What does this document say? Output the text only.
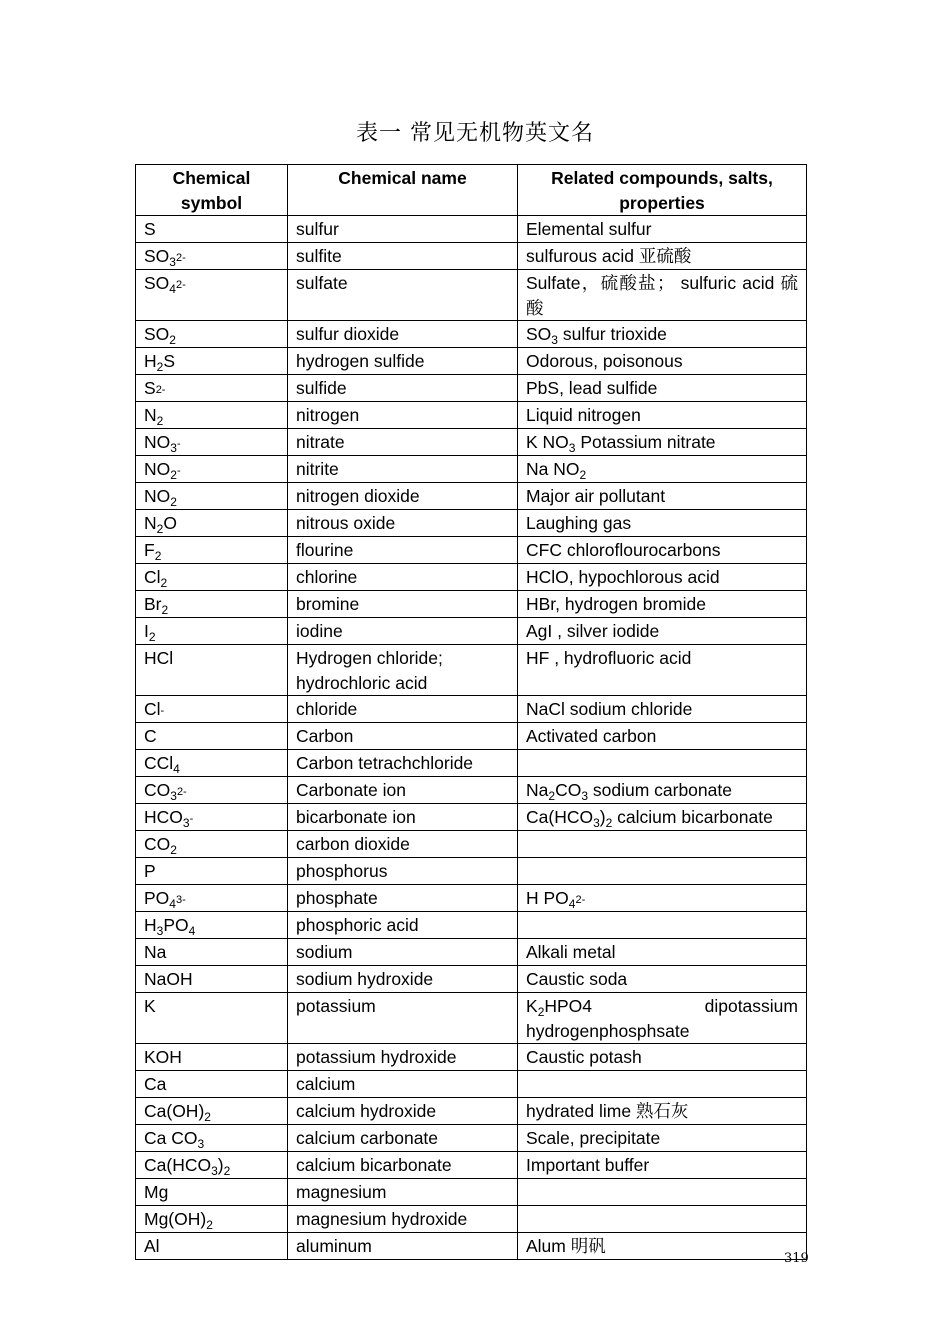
表一 常见无机物英文名
Chemical symbol	Chemical name	Related compounds, salts, properties
S	sulfur	Elemental sulfur
$SO_3^{2-}$	sulfite	sulfurous acid 亚硫酸
$SO_4^{2-}$	sulfate	Sulfate，硫酸盐； sulfuric acid 硫酸
$SO_2$	sulfur dioxide	$SO_3$ sulfur trioxide
$H_2S$	hydrogen sulfide	Odorous, poisonous
$S^{2-}$	sulfide	PbS, lead sulfide
$N_2$	nitrogen	Liquid nitrogen
$NO_3^-$	nitrate	K $NO_3$ Potassium nitrate
$NO_2^-$	nitrite	Na $NO_2$
$NO_2$	nitrogen dioxide	Major air pollutant
$N_2O$	nitrous oxide	Laughing gas
$F_2$	flourine	CFC chloroflourocarbons
$Cl_2$	chlorine	HClO, hypochlorous acid
$Br_2$	bromine	HBr, hydrogen bromide
$I_2$	iodine	AgI , silver iodide
HCl	Hydrogen chloride; hydrochloric acid	HF , hydrofluoric acid
Cl-	chloride	NaCl sodium chloride
C	Carbon	Activated carbon
CCl$_4$	Carbon tetrachchloride	
$CO_3^{2-}$	Carbonate ion	$Na_2CO_3$ sodium carbonate
$HCO_3^-$	bicarbonate ion	$Ca(HCO_3)_2$ calcium bicarbonate
$CO_2$	carbon dioxide	
P	phosphorus	
$PO_4^{3-}$	phosphate	H $PO_4^{2-}$
$H_3PO_4$	phosphoric acid	
Na	sodium	Alkali metal
NaOH	sodium hydroxide	Caustic soda
K	potassium	$K_2HPO4$ dipotassium hydrogenphosphsate
KOH	potassium hydroxide	Caustic potash
Ca	calcium	
$Ca(OH)_2$	calcium hydroxide	hydrated lime 熟石灰
Ca $CO_3$	calcium carbonate	Scale, precipitate
$Ca(HCO_3)_2$	calcium bicarbonate	Important buffer
Mg	magnesium	
$Mg(OH)_2$	magnesium hydroxide	
Al	aluminum	Alum 明矾
319
